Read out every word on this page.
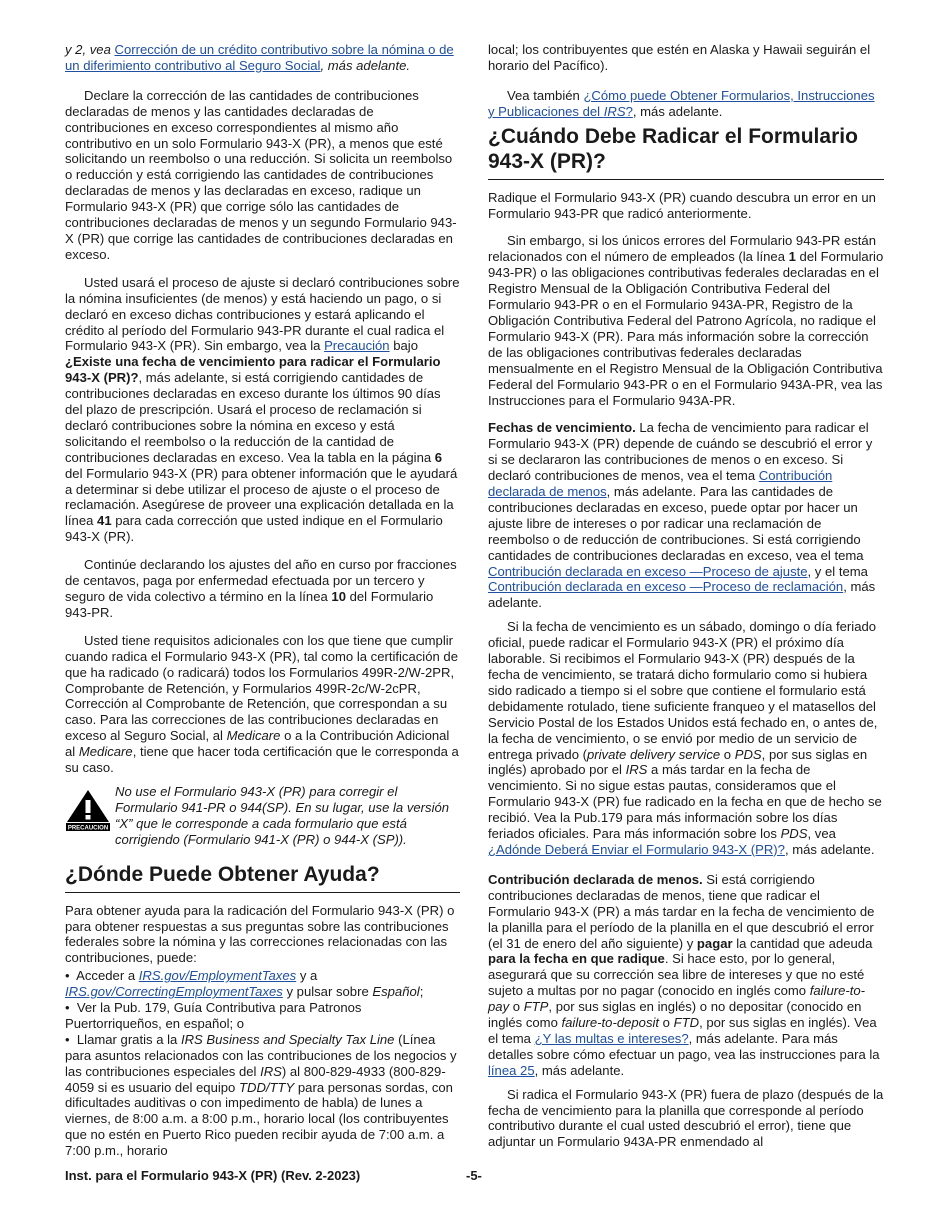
y 2, vea Corrección de un crédito contributivo sobre la nómina o de un diferimiento contributivo al Seguro Social, más adelante.

Declare la corrección de las cantidades de contribuciones declaradas de menos y las cantidades declaradas de contribuciones en exceso correspondientes al mismo año contributivo en un solo Formulario 943-X (PR), a menos que esté solicitando un reembolso o una reducción. Si solicita un reembolso o reducción y está corrigiendo las cantidades de contribuciones declaradas de menos y las declaradas en exceso, radique un Formulario 943-X (PR) que corrige sólo las cantidades de contribuciones declaradas de menos y un segundo Formulario 943-X (PR) que corrige las cantidades de contribuciones declaradas en exceso.

Usted usará el proceso de ajuste si declaró contribuciones sobre la nómina insuficientes (de menos) y está haciendo un pago, o si declaró en exceso dichas contribuciones y estará aplicando el crédito al período del Formulario 943-PR durante el cual radica el Formulario 943-X (PR). Sin embargo, vea la Precaución bajo ¿Existe una fecha de vencimiento para radicar el Formulario 943-X (PR)?, más adelante, si está corrigiendo cantidades de contribuciones declaradas en exceso durante los últimos 90 días del plazo de prescripción. Usará el proceso de reclamación si declaró contribuciones sobre la nómina en exceso y está solicitando el reembolso o la reducción de la cantidad de contribuciones declaradas en exceso. Vea la tabla en la página 6 del Formulario 943-X (PR) para obtener información que le ayudará a determinar si debe utilizar el proceso de ajuste o el proceso de reclamación. Asegúrese de proveer una explicación detallada en la línea 41 para cada corrección que usted indique en el Formulario 943-X (PR).

Continúe declarando los ajustes del año en curso por fracciones de centavos, paga por enfermedad efectuada por un tercero y seguro de vida colectivo a término en la línea 10 del Formulario 943-PR.

Usted tiene requisitos adicionales con los que tiene que cumplir cuando radica el Formulario 943-X (PR), tal como la certificación de que ha radicado (o radicará) todos los Formularios 499R-2/W-2PR, Comprobante de Retención, y Formularios 499R-2c/W-2cPR, Corrección al Comprobante de Retención, que correspondan a su caso. Para las correcciones de las contribuciones declaradas en exceso al Seguro Social, al Medicare o a la Contribución Adicional al Medicare, tiene que hacer toda certificación que le corresponda a su caso.

PRECAUCION
No use el Formulario 943-X (PR) para corregir el Formulario 941-PR o 944(SP). En su lugar, use la versión “X” que le corresponde a cada formulario que está corrigiendo (Formulario 941-X (PR) o 944-X (SP)).
¿Dónde Puede Obtener Ayuda?

Para obtener ayuda para la radicación del Formulario 943-X (PR) o para obtener respuestas a sus preguntas sobre las contribuciones federales sobre la nómina y las correcciones relacionadas con las contribuciones, puede:

• Acceder a IRS.gov/EmploymentTaxes y a IRS.gov/CorrectingEmploymentTaxes y pulsar sobre Español;
• Ver la Pub. 179, Guía Contributiva para Patronos Puertorriqueños, en español; o
• Llamar gratis a la IRS Business and Specialty Tax Line (Línea para asuntos relacionados con las contribuciones de los negocios y las contribuciones especiales del IRS) al 800-829-4933 (800-829-4059 si es usuario del equipo TDD/TTY para personas sordas, con dificultades auditivas o con impedimento de habla) de lunes a viernes, de 8:00 a.m. a 8:00 p.m., horario local (los contribuyentes que no estén en Puerto Rico pueden recibir ayuda de 7:00 a.m. a 7:00 p.m., horario

local; los contribuyentes que estén en Alaska y Hawaii seguirán el horario del Pacífico).

Vea también ¿Cómo puede Obtener Formularios, Instrucciones y Publicaciones del IRS?, más adelante.

¿Cuándo Debe Radicar el Formulario 943-X (PR)?

Radique el Formulario 943-X (PR) cuando descubra un error en un Formulario 943-PR que radicó anteriormente.

Sin embargo, si los únicos errores del Formulario 943-PR están relacionados con el número de empleados (la línea 1 del Formulario 943-PR) o las obligaciones contributivas federales declaradas en el Registro Mensual de la Obligación Contributiva Federal del Formulario 943-PR o en el Formulario 943A-PR, Registro de la Obligación Contributiva Federal del Patrono Agrícola, no radique el Formulario 943-X (PR). Para más información sobre la corrección de las obligaciones contributivas federales declaradas mensualmente en el Registro Mensual de la Obligación Contributiva Federal del Formulario 943-PR o en el Formulario 943A-PR, vea las Instrucciones para el Formulario 943A-PR.

Fechas de vencimiento. La fecha de vencimiento para radicar el Formulario 943-X (PR) depende de cuándo se descubrió el error y si se declararon las contribuciones de menos o en exceso. Si declaró contribuciones de menos, vea el tema Contribución declarada de menos, más adelante. Para las cantidades de contribuciones declaradas en exceso, puede optar por hacer un ajuste libre de intereses o por radicar una reclamación de reembolso o de reducción de contribuciones. Si está corrigiendo cantidades de contribuciones declaradas en exceso, vea el tema Contribución declarada en exceso —Proceso de ajuste, y el tema Contribución declarada en exceso —Proceso de reclamación, más adelante.

Si la fecha de vencimiento es un sábado, domingo o día feriado oficial, puede radicar el Formulario 943-X (PR) el próximo día laborable. Si recibimos el Formulario 943-X (PR) después de la fecha de vencimiento, se tratará dicho formulario como si hubiera sido radicado a tiempo si el sobre que contiene el formulario está debidamente rotulado, tiene suficiente franqueo y el matasellos del Servicio Postal de los Estados Unidos está fechado en, o antes de, la fecha de vencimiento, o se envió por medio de un servicio de entrega privado (private delivery service o PDS, por sus siglas en inglés) aprobado por el IRS a más tardar en la fecha de vencimiento. Si no sigue estas pautas, consideramos que el Formulario 943-X (PR) fue radicado en la fecha en que de hecho se recibió. Vea la Pub.179 para más información sobre los días feriados oficiales. Para más información sobre los PDS, vea ¿Adónde Deberá Enviar el Formulario 943-X (PR)?, más adelante.

Contribución declarada de menos. Si está corrigiendo contribuciones declaradas de menos, tiene que radicar el Formulario 943-X (PR) a más tardar en la fecha de vencimiento de la planilla para el período de la planilla en el que descubrió el error (el 31 de enero del año siguiente) y pagar la cantidad que adeuda para la fecha en que radique. Si hace esto, por lo general, asegurará que su corrección sea libre de intereses y que no esté sujeto a multas por no pagar (conocido en inglés como failure-to-pay o FTP, por sus siglas en inglés) o no depositar (conocido en inglés como failure-to-deposit o FTD, por sus siglas en inglés). Vea el tema ¿Y las multas e intereses?, más adelante. Para más detalles sobre cómo efectuar un pago, vea las instrucciones para la línea 25, más adelante.

Si radica el Formulario 943-X (PR) fuera de plazo (después de la fecha de vencimiento para la planilla que corresponde al período contributivo durante el cual usted descubrió el error), tiene que adjuntar un Formulario 943A-PR enmendado al

Inst. para el Formulario 943-X (PR) (Rev. 2-2023)	-5-
